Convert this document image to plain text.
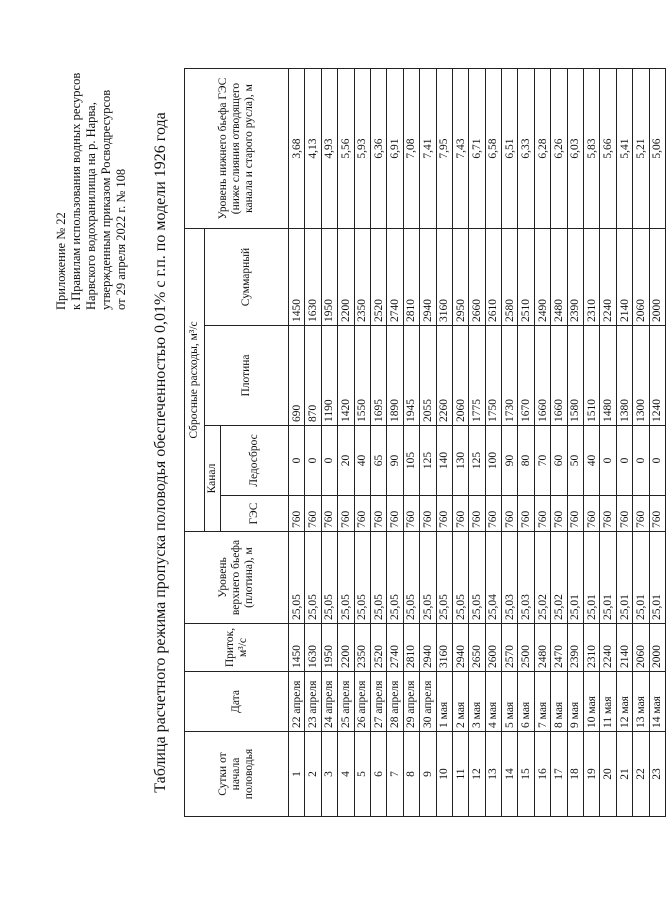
Приложение № 22 к Правилам использования водных ресурсов Нарвского водохранилища на р. Нарва, утвержденным приказом Росводресурсов от 29 апреля 2022 г. № 108 Таблица расчетного режима пропуска половодья обеспеченностью 0,01% с г.п. по модели 1926 года	Сутки от начала половодья	Дата	Приток, м³/с	Уровень верхнего бьефа (плотина), м	Сбросные расходы, м³/с				Уровень нижнего бьефа ГЭС (ниже слияния отводящего канала и старого русла), м
				Канал		Плотина	Суммарный	
				ГЭС	Ледосброс			
1	22 апреля	1450	25,05	760	0	690	1450	3,68
2	23 апреля	1630	25,05	760	0	870	1630	4,13
3	24 апреля	1950	25,05	760	0	1190	1950	4,93
4	25 апреля	2200	25,05	760	20	1420	2200	5,56
5	26 апреля	2350	25,05	760	40	1550	2350	5,93
6	27 апреля	2520	25,05	760	65	1695	2520	6,36
7	28 апреля	2740	25,05	760	90	1890	2740	6,91
8	29 апреля	2810	25,05	760	105	1945	2810	7,08
9	30 апреля	2940	25,05	760	125	2055	2940	7,41
10	1 мая	3160	25,05	760	140	2260	3160	7,95
11	2 мая	2940	25,05	760	130	2060	2950	7,43
12	3 мая	2650	25,05	760	125	1775	2660	6,71
13	4 мая	2600	25,04	760	100	1750	2610	6,58
14	5 мая	2570	25,03	760	90	1730	2580	6,51
15	6 мая	2500	25,03	760	80	1670	2510	6,33
16	7 мая	2480	25,02	760	70	1660	2490	6,28
17	8 мая	2470	25,02	760	60	1660	2480	6,26
18	9 мая	2390	25,01	760	50	1580	2390	6,03
19	10 мая	2310	25,01	760	40	1510	2310	5,83
20	11 мая	2240	25,01	760	0	1480	2240	5,66
21	12 мая	2140	25,01	760	0	1380	2140	5,41
22	13 мая	2060	25,01	760	0	1300	2060	5,21
23	14 мая	2000	25,01	760	0	1240	2000	5,06
